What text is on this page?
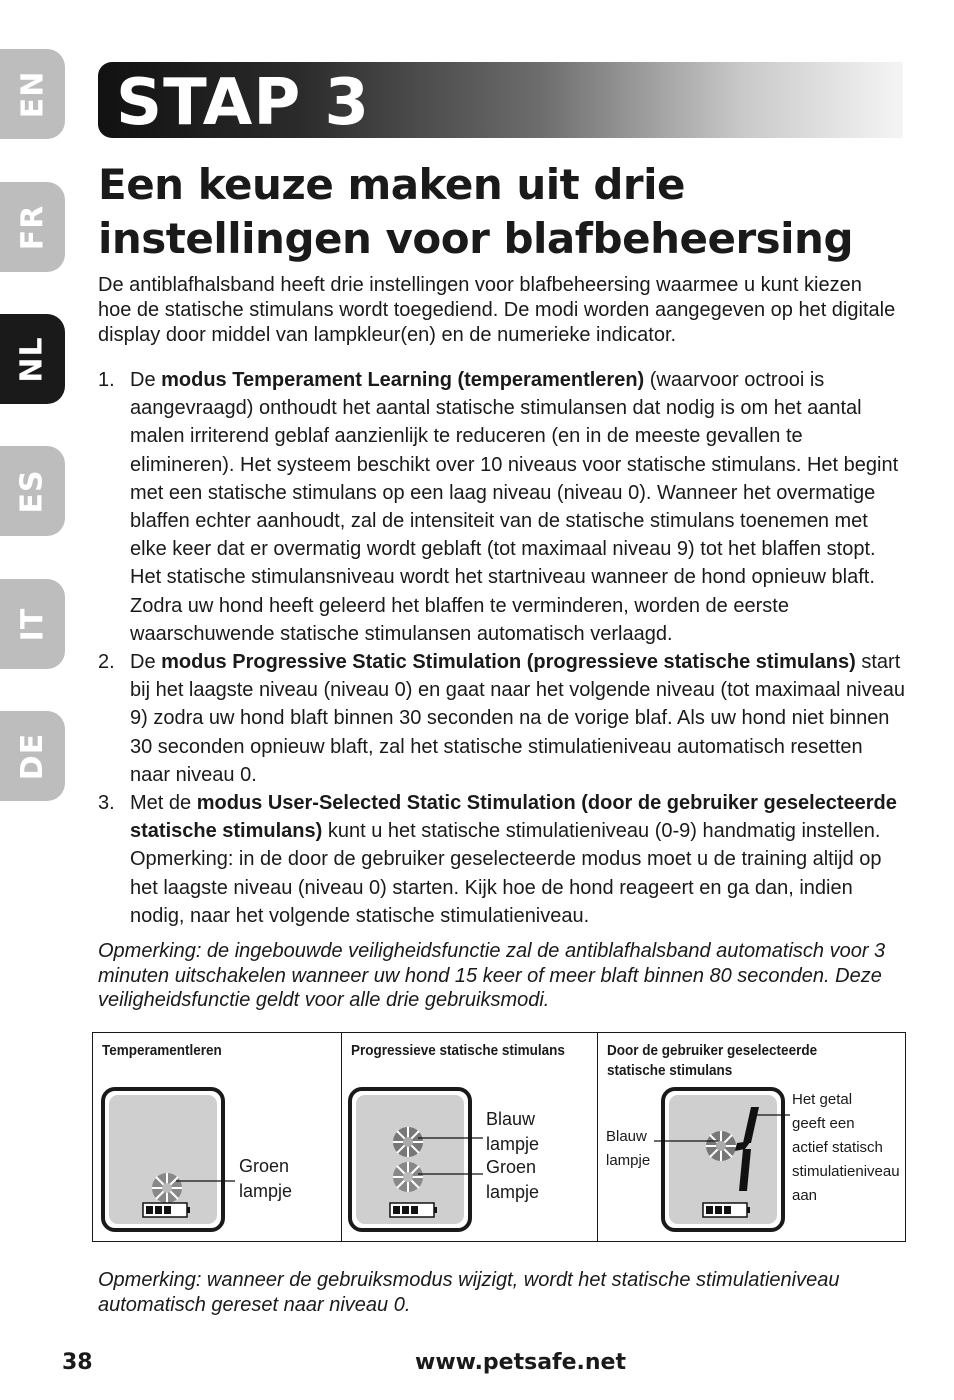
EN
FR
NL
ES
IT
DE
STAP 3
Een keuze maken uit drie
instellingen voor blafbeheersing

De antiblafhalsband heeft drie instellingen voor blafbeheersing waarmee u kunt kiezen hoe de statische stimulans wordt toegediend. De modi worden aangegeven op het digitale display door middel van lampkleur(en) en de numerieke indicator.

1. De modus Temperament Learning (temperamentleren) (waarvoor octrooi is aangevraagd) onthoudt het aantal statische stimulansen dat nodig is om het aantal malen irriterend geblaf aanzienlijk te reduceren (en in de meeste gevallen te elimineren). Het systeem beschikt over 10 niveaus voor statische stimulans. Het begint met een statische stimulans op een laag niveau (niveau 0). Wanneer het overmatige blaffen echter aanhoudt, zal de intensiteit van de statische stimulans toenemen met elke keer dat er overmatig wordt geblaft (tot maximaal niveau 9) tot het blaffen stopt. Het statische stimulansniveau wordt het startniveau wanneer de hond opnieuw blaft. Zodra uw hond heeft geleerd het blaffen te verminderen, worden de eerste waarschuwende statische stimulansen automatisch verlaagd.
2. De modus Progressive Static Stimulation (progressieve statische stimulans) start bij het laagste niveau (niveau 0) en gaat naar het volgende niveau (tot maximaal niveau 9) zodra uw hond blaft binnen 30 seconden na de vorige blaf. Als uw hond niet binnen 30 seconden opnieuw blaft, zal het statische stimulatieniveau automatisch resetten naar niveau 0.
3. Met de modus User-Selected Static Stimulation (door de gebruiker geselecteerde statische stimulans) kunt u het statische stimulatieniveau (0-9) handmatig instellen. Opmerking: in de door de gebruiker geselecteerde modus moet u de training altijd op het laagste niveau (niveau 0) starten. Kijk hoe de hond reageert en ga dan, indien nodig, naar het volgende statische stimulatieniveau.

Opmerking: de ingebouwde veiligheidsfunctie zal de antiblafhalsband automatisch voor 3 minuten uitschakelen wanneer uw hond 15 keer of meer blaft binnen 80 seconden. Deze veiligheidsfunctie geldt voor alle drie gebruiksmodi.

Temperamentleren
Groen
lampje
Progressieve statische stimulans
Blauw
lampje
Groen
lampje
Door de gebruiker geselecteerde statische stimulans
Blauw
lampje
Het getal
geeft een
actief statisch
stimulatieniveau
aan

Opmerking: wanneer de gebruiksmodus wijzigt, wordt het statische stimulatieniveau automatisch gereset naar niveau 0.

38	www.petsafe.net
